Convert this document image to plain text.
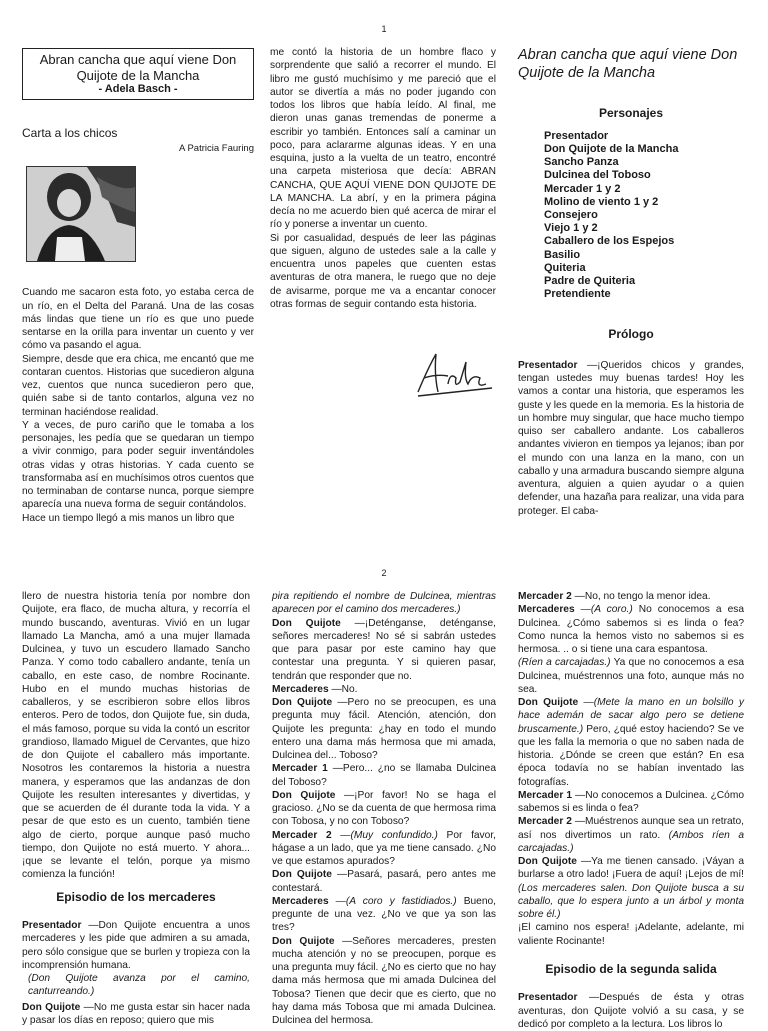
1
Abran cancha que aquí viene Don Quijote de la Mancha
- Adela Basch -
Carta a los chicos
A Patricia Fauring

Cuando me sacaron esta foto, yo estaba cerca de un río, en el Delta del Paraná. Una de las cosas más lindas que tiene un río es que uno puede sentarse en la orilla para inventar un cuento y ver cómo va pasando el agua.

Siempre, desde que era chica, me encantó que me contaran cuentos. Historias que sucedieron alguna vez, cuentos que nunca sucedieron pero que, quién sabe si de tanto contarlos, alguna vez no terminan haciéndose realidad.

Y a veces, de puro cariño que le tomaba a los personajes, les pedía que se quedaran un tiempo a vivir conmigo, para poder seguir inventándoles otras vidas y otras historias. Y cada cuento se transformaba así en muchísimos otros cuentos que no terminaban de contarse nunca, porque siempre aparecía una nueva forma de seguir contándolos.

Hace un tiempo llegó a mis manos un libro que

me contó la historia de un hombre flaco y sorprendente que salió a recorrer el mundo. El libro me gustó muchísimo y me pareció que el autor se divertía a más no poder jugando con todos los libros que había leído. Al final, me dieron unas ganas tremendas de ponerme a escribir yo también. Entonces salí a caminar un poco, para aclararme algunas ideas. Y en una esquina, justo a la vuelta de un teatro, encontré una carpeta misteriosa que decía: ABRAN CANCHA, QUE AQUÍ VIENE DON QUIJOTE DE LA MANCHA. La abrí, y en la primera página decía no me acuerdo bien qué acerca de mirar el río y ponerse a inventar un cuento.

Si por casualidad, después de leer las páginas que siguen, alguno de ustedes sale a la calle y encuentra unos papeles que cuenten estas aventuras de otra manera, le ruego que no deje de avisarme, porque me va a encantar conocer otras formas de seguir contando esta historia.

Abran cancha que aquí viene Don Quijote de la Mancha
Personajes
Presentador
Don Quijote de la Mancha
Sancho Panza
Dulcinea del Toboso
Mercader 1 y 2
Molino de viento 1 y 2
Consejero
Viejo 1 y 2
Caballero de los Espejos
Basilio
Quiteria
Padre de Quiteria
Pretendiente
Prólogo

Presentador —¡Queridos chicos y grandes, tengan ustedes muy buenas tardes! Hoy les vamos a contar una historia, que esperamos les guste y les quede en la memoria. Es la historia de un hombre muy singular, que hace mucho tiempo quiso ser caballero andante. Los caballeros andantes vivieron en tiempos ya lejanos; iban por el mundo con una lanza en la mano, con un caballo y una armadura buscando siempre alguna aventura, alguien a quien ayudar o a quien defender, una hazaña para realizar, una vida para proteger. El caba-

2

llero de nuestra historia tenía por nombre don Quijote, era flaco, de mucha altura, y recorría el mundo buscando, aventuras. Vivió en un lugar llamado La Mancha, amó a una mujer llamada Dulcinea, y tuvo un escudero llamado Sancho Panza. Y como todo caballero andante, tenía un caballo, en este caso, de nombre Rocinante. Hubo en el mundo muchas historias de caballeros, y se escribieron sobre ellos libros enteros. Pero de todos, don Quijote fue, sin duda, el más famoso, porque su vida la contó un escritor grandioso, llamado Miguel de Cervantes, que hizo de don Quijote el caballero más importante. Nosotros les contaremos la historia a nuestra manera, y esperamos que las andanzas de don Quijote les resulten interesantes y divertidas, y que se acuerden de él durante toda la vida. Y a pesar de que esto es un cuento, también tiene algo de cierto, porque aunque pasó mucho tiempo, don Quijote no está muerto. Y ahora... ¡que se levante el telón, porque ya mismo comienza la función!

Episodio de los mercaderes

Presentador —Don Quijote encuentra a unos mercaderes y les pide que admiren a su amada, pero sólo consigue que se burlen y tropieza con la incomprensión humana.

(Don Quijote avanza por el camino, canturreando.)

Don Quijote —No me gusta estar sin hacer nada y pasar los días en reposo; quiero que mis

pira repitiendo el nombre de Dulcinea, mientras aparecen por el camino dos mercaderes.)

Don Quijote —¡Deténganse, deténganse, señores mercaderes! No sé si sabrán ustedes que para pasar por este camino hay que contestar una pregunta. Y si quieren pasar, tendrán que responder que no.

Mercaderes —No.

Don Quijote —Pero no se preocupen, es una pregunta muy fácil. Atención, atención, don Quijote les pregunta: ¿hay en todo el mundo entero una dama más hermosa que mi amada, Dulcinea del... Toboso?

Mercader 1 —Pero... ¿no se llamaba Dulcinea del Toboso?

Don Quijote —¡Por favor! No se haga el gracioso. ¿No se da cuenta de que hermosa rima con Tobosa, y no con Toboso?

Mercader 2 —(Muy confundido.) Por favor, hágase a un lado, que ya me tiene cansado. ¿No ve que estamos apurados?

Don Quijote —Pasará, pasará, pero antes me contestará.

Mercaderes —(A coro y fastidiados.) Bueno, pregunte de una vez. ¿No ve que ya son las tres?

Don Quijote —Señores mercaderes, presten mucha atención y no se preocupen, porque es una pregunta muy fácil. ¿No es cierto que no hay dama más hermosa que mi amada Dulcinea del Tobosa? Tienen que decir que es cierto, que no hay dama más Tobosa que mi amada Dulcinea. Dulcinea del hermosa.

Mercader 2 —No, no tengo la menor idea.

Mercaderes —(A coro.) No conocemos a esa Dulcinea. ¿Cómo sabemos si es linda o fea? Como nunca la hemos visto no sabemos si es hermosa. .. o si tiene una cara espantosa.

(Ríen a carcajadas.) Ya que no conocemos a esa Dulcinea, muéstrennos una foto, aunque más no sea.

Don Quijote —(Mete la mano en un bolsillo y hace ademán de sacar algo pero se detiene bruscamente.) Pero, ¿qué estoy haciendo? Se ve que les falla la memoria o que no saben nada de historia. ¿Dónde se creen que están? En esa época todavía no se habían inventado las fotografías.

Mercader 1 —No conocemos a Dulcinea. ¿Cómo sabemos si es linda o fea?

Mercader 2 —Muéstrenos aunque sea un retrato, así nos divertimos un rato. (Ambos ríen a carcajadas.)

Don Quijote —Ya me tienen cansado. ¡Váyan a burlarse a otro lado! ¡Fuera de aquí! ¡Lejos de mí! (Los mercaderes salen. Don Quijote busca a su caballo, que lo espera junto a un árbol y monta sobre él.)

¡El camino nos espera! ¡Adelante, adelante, mi valiente Rocinante!

Episodio de la segunda salida

Presentador —Después de ésta y otras aventuras, don Quijote volvió a su casa, y se dedicó por completo a la lectura. Los libros lo
